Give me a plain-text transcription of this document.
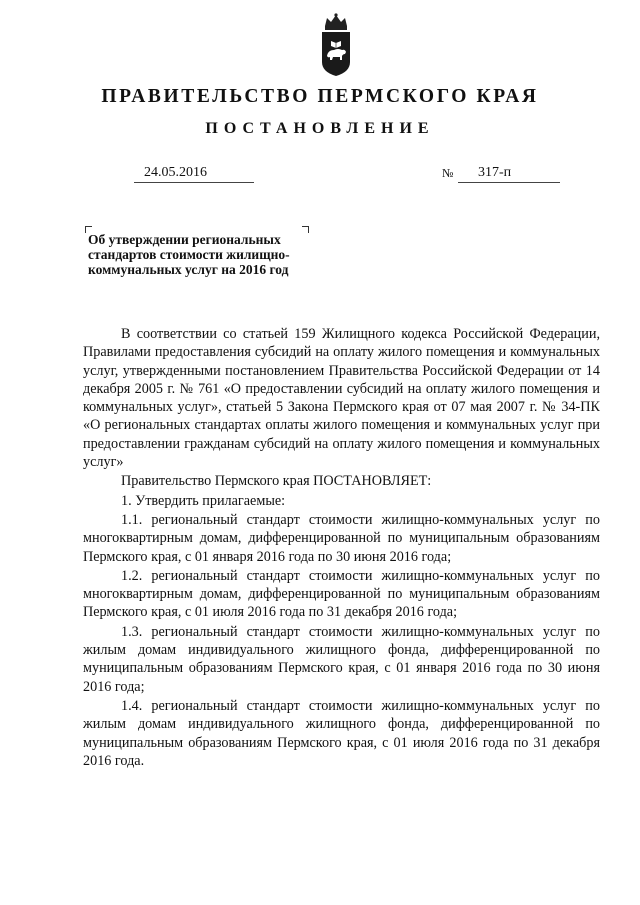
ПРАВИТЕЛЬСТВО ПЕРМСКОГО КРАЯ
ПОСТАНОВЛЕНИЕ
24.05.2016	№	317-п
Об утверждении региональных стандартов стоимости жилищно-коммунальных услуг на 2016 год

В соответствии со статьей 159 Жилищного кодекса Российской Федерации, Правилами предоставления субсидий на оплату жилого помещения и коммунальных услуг, утвержденными постановлением Правительства Российской Федерации от 14 декабря 2005 г. № 761 «О предоставлении субсидий на оплату жилого помещения и коммунальных услуг», статьей 5 Закона Пермского края от 07 мая 2007 г. № 34-ПК «О региональных стандартах оплаты жилого помещения и коммунальных услуг при предоставлении гражданам субсидий на оплату жилого помещения и коммунальных услуг»

Правительство Пермского края ПОСТАНОВЛЯЕТ:

1. Утвердить прилагаемые:

1.1. региональный стандарт стоимости жилищно-коммунальных услуг по многоквартирным домам, дифференцированной по муниципальным образованиям Пермского края, с 01 января 2016 года по 30 июня 2016 года;

1.2. региональный стандарт стоимости жилищно-коммунальных услуг по многоквартирным домам, дифференцированной по муниципальным образованиям Пермского края, с 01 июля 2016 года по 31 декабря 2016 года;

1.3. региональный стандарт стоимости жилищно-коммунальных услуг по жилым домам индивидуального жилищного фонда, дифференцированной по муниципальным образованиям Пермского края, с 01 января 2016 года по 30 июня 2016 года;

1.4. региональный стандарт стоимости жилищно-коммунальных услуг по жилым домам индивидуального жилищного фонда, дифференцированной по муниципальным образованиям Пермского края, с 01 июля 2016 года по 31 декабря 2016 года.
